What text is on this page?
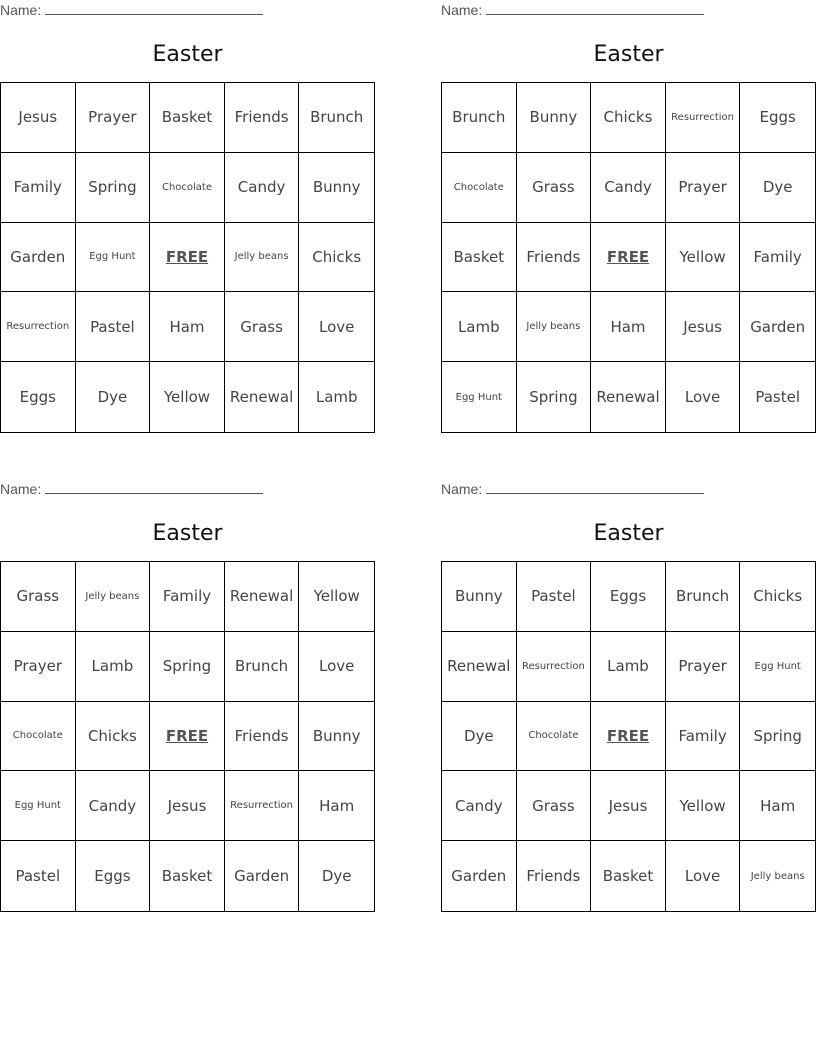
Name:
Easter
Jesus	Prayer	Basket	Friends	Brunch
Family	Spring	Chocolate	Candy	Bunny
Garden	Egg Hunt	FREE	Jelly beans	Chicks
Resurrection	Pastel	Ham	Grass	Love
Eggs	Dye	Yellow	Renewal	Lamb
Name:
Easter
Brunch	Bunny	Chicks	Resurrection	Eggs
Chocolate	Grass	Candy	Prayer	Dye
Basket	Friends	FREE	Yellow	Family
Lamb	Jelly beans	Ham	Jesus	Garden
Egg Hunt	Spring	Renewal	Love	Pastel
Name:
Easter
Grass	Jelly beans	Family	Renewal	Yellow
Prayer	Lamb	Spring	Brunch	Love
Chocolate	Chicks	FREE	Friends	Bunny
Egg Hunt	Candy	Jesus	Resurrection	Ham
Pastel	Eggs	Basket	Garden	Dye
Name:
Easter
Bunny	Pastel	Eggs	Brunch	Chicks
Renewal	Resurrection	Lamb	Prayer	Egg Hunt
Dye	Chocolate	FREE	Family	Spring
Candy	Grass	Jesus	Yellow	Ham
Garden	Friends	Basket	Love	Jelly beans
